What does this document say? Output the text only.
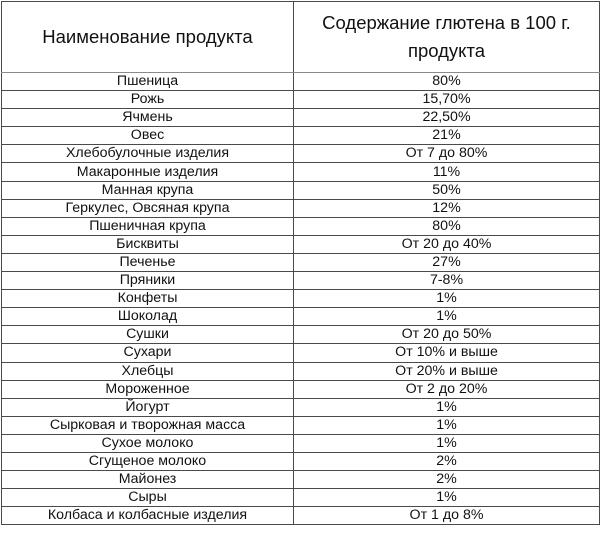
Наименование продукта	Содержание глютена в 100 г. продукта
Пшеница	80%
Рожь	15,70%
Ячмень	22,50%
Овес	21%
Хлебобулочные изделия	От 7 до 80%
Макаронные изделия	11%
Манная крупа	50%
Геркулес, Овсяная крупа	12%
Пшеничная крупа	80%
Бисквиты	От 20 до 40%
Печенье	27%
Пряники	7-8%
Конфеты	1%
Шоколад	1%
Сушки	От 20 до 50%
Сухари	От 10% и выше
Хлебцы	От 20% и выше
Мороженное	От 2 до 20%
Йогурт	1%
Сырковая и творожная масса	1%
Сухое молоко	1%
Сгущеное молоко	2%
Майонез	2%
Сыры	1%
Колбаса и колбасные изделия	От 1 до 8%
